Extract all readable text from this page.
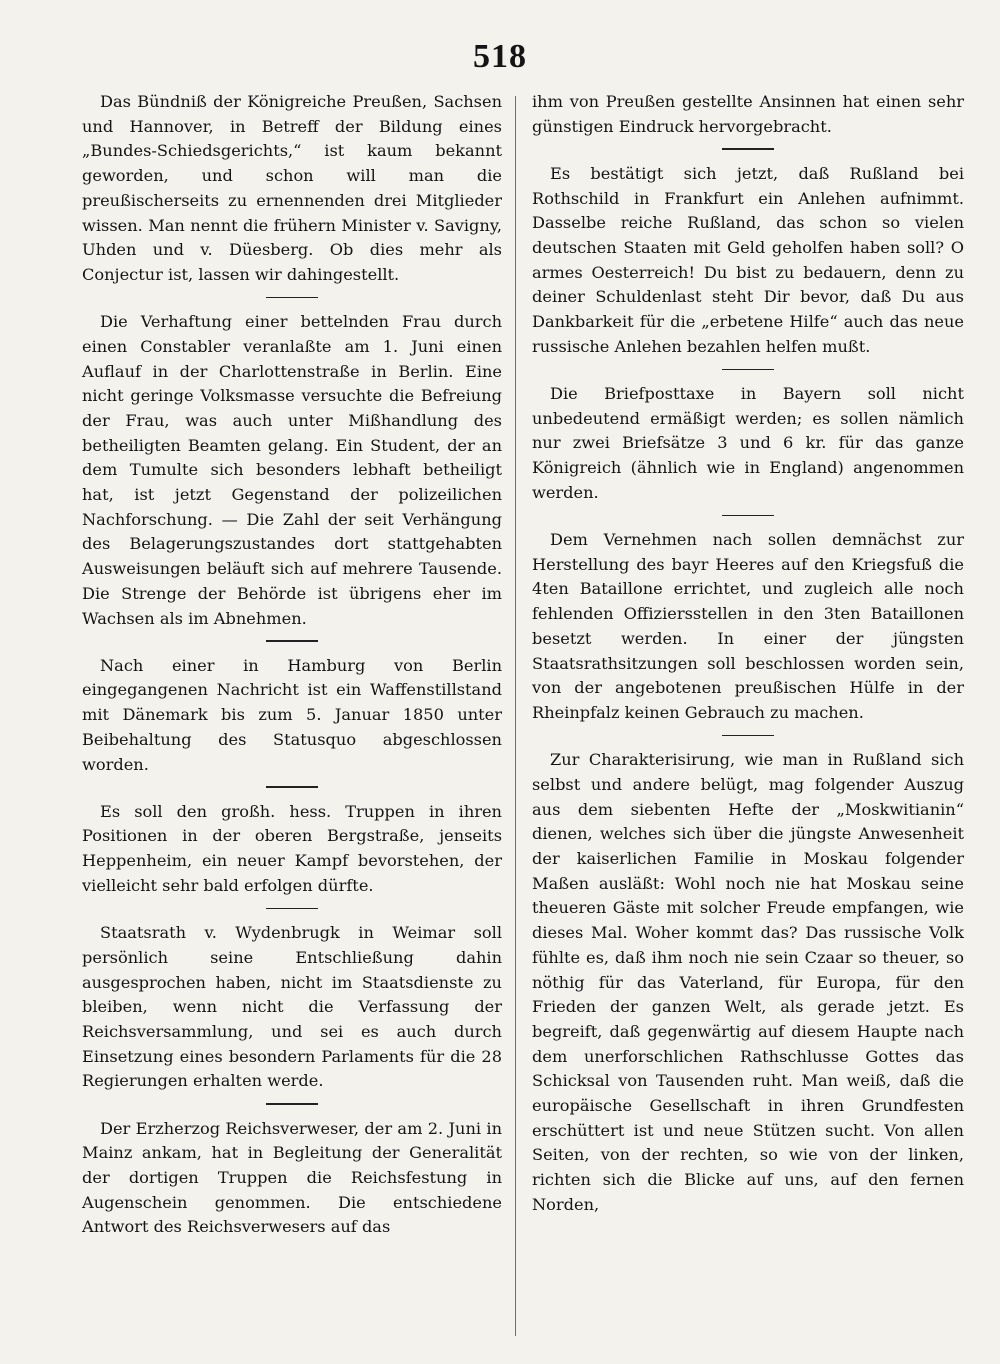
518

Das Bündniß der Königreiche Preußen, Sachsen und Hannover, in Betreff der Bildung eines „Bundes-Schiedsgerichts,“ ist kaum bekannt geworden, und schon will man die preußischerseits zu ernennenden drei Mitglieder wissen. Man nennt die frühern Minister v. Savigny, Uhden und v. Düesberg. Ob dies mehr als Conjectur ist, lassen wir dahingestellt.

Die Verhaftung einer bettelnden Frau durch einen Constabler veranlaßte am 1. Juni einen Auflauf in der Charlottenstraße in Berlin. Eine nicht geringe Volksmasse versuchte die Befreiung der Frau, was auch unter Mißhandlung des betheiligten Beamten gelang. Ein Student, der an dem Tumulte sich besonders lebhaft betheiligt hat, ist jetzt Gegenstand der polizeilichen Nachforschung. — Die Zahl der seit Verhängung des Belagerungszustandes dort stattgehabten Ausweisungen beläuft sich auf mehrere Tausende. Die Strenge der Behörde ist übrigens eher im Wachsen als im Abnehmen.

Nach einer in Hamburg von Berlin eingegangenen Nachricht ist ein Waffenstillstand mit Dänemark bis zum 5. Januar 1850 unter Beibehaltung des Statusquo abgeschlossen worden.

Es soll den großh. hess. Truppen in ihren Positionen in der oberen Bergstraße, jenseits Heppenheim, ein neuer Kampf bevorstehen, der vielleicht sehr bald erfolgen dürfte.

Staatsrath v. Wydenbrugk in Weimar soll persönlich seine Entschließung dahin ausgesprochen haben, nicht im Staatsdienste zu bleiben, wenn nicht die Verfassung der Reichsversammlung, und sei es auch durch Einsetzung eines besondern Parlaments für die 28 Regierungen erhalten werde.

Der Erzherzog Reichsverweser, der am 2. Juni in Mainz ankam, hat in Begleitung der Generalität der dortigen Truppen die Reichsfestung in Augenschein genommen. Die entschiedene Antwort des Reichsverwesers auf das

ihm von Preußen gestellte Ansinnen hat einen sehr günstigen Eindruck hervorgebracht.

Es bestätigt sich jetzt, daß Rußland bei Rothschild in Frankfurt ein Anlehen aufnimmt. Dasselbe reiche Rußland, das schon so vielen deutschen Staaten mit Geld geholfen haben soll? O armes Oesterreich! Du bist zu bedauern, denn zu deiner Schuldenlast steht Dir bevor, daß Du aus Dankbarkeit für die „erbetene Hilfe“ auch das neue russische Anlehen bezahlen helfen mußt.

Die Briefposttaxe in Bayern soll nicht unbedeutend ermäßigt werden; es sollen nämlich nur zwei Briefsätze 3 und 6 kr. für das ganze Königreich (ähnlich wie in England) angenommen werden.

Dem Vernehmen nach sollen demnächst zur Herstellung des bayr Heeres auf den Kriegsfuß die 4ten Bataillone errichtet, und zugleich alle noch fehlenden Offiziersstellen in den 3ten Bataillonen besetzt werden. In einer der jüngsten Staatsrathsitzungen soll beschlossen worden sein, von der angebotenen preußischen Hülfe in der Rheinpfalz keinen Gebrauch zu machen.

Zur Charakterisirung, wie man in Rußland sich selbst und andere belügt, mag folgender Auszug aus dem siebenten Hefte der „Moskwitianin“ dienen, welches sich über die jüngste Anwesenheit der kaiserlichen Familie in Moskau folgender Maßen ausläßt: Wohl noch nie hat Moskau seine theueren Gäste mit solcher Freude empfangen, wie dieses Mal. Woher kommt das? Das russische Volk fühlte es, daß ihm noch nie sein Czaar so theuer, so nöthig für das Vaterland, für Europa, für den Frieden der ganzen Welt, als gerade jetzt. Es begreift, daß gegenwärtig auf diesem Haupte nach dem unerforschlichen Rathschlusse Gottes das Schicksal von Tausenden ruht. Man weiß, daß die europäische Gesellschaft in ihren Grundfesten erschüttert ist und neue Stützen sucht. Von allen Seiten, von der rechten, so wie von der linken, richten sich die Blicke auf uns, auf den fernen Norden,
